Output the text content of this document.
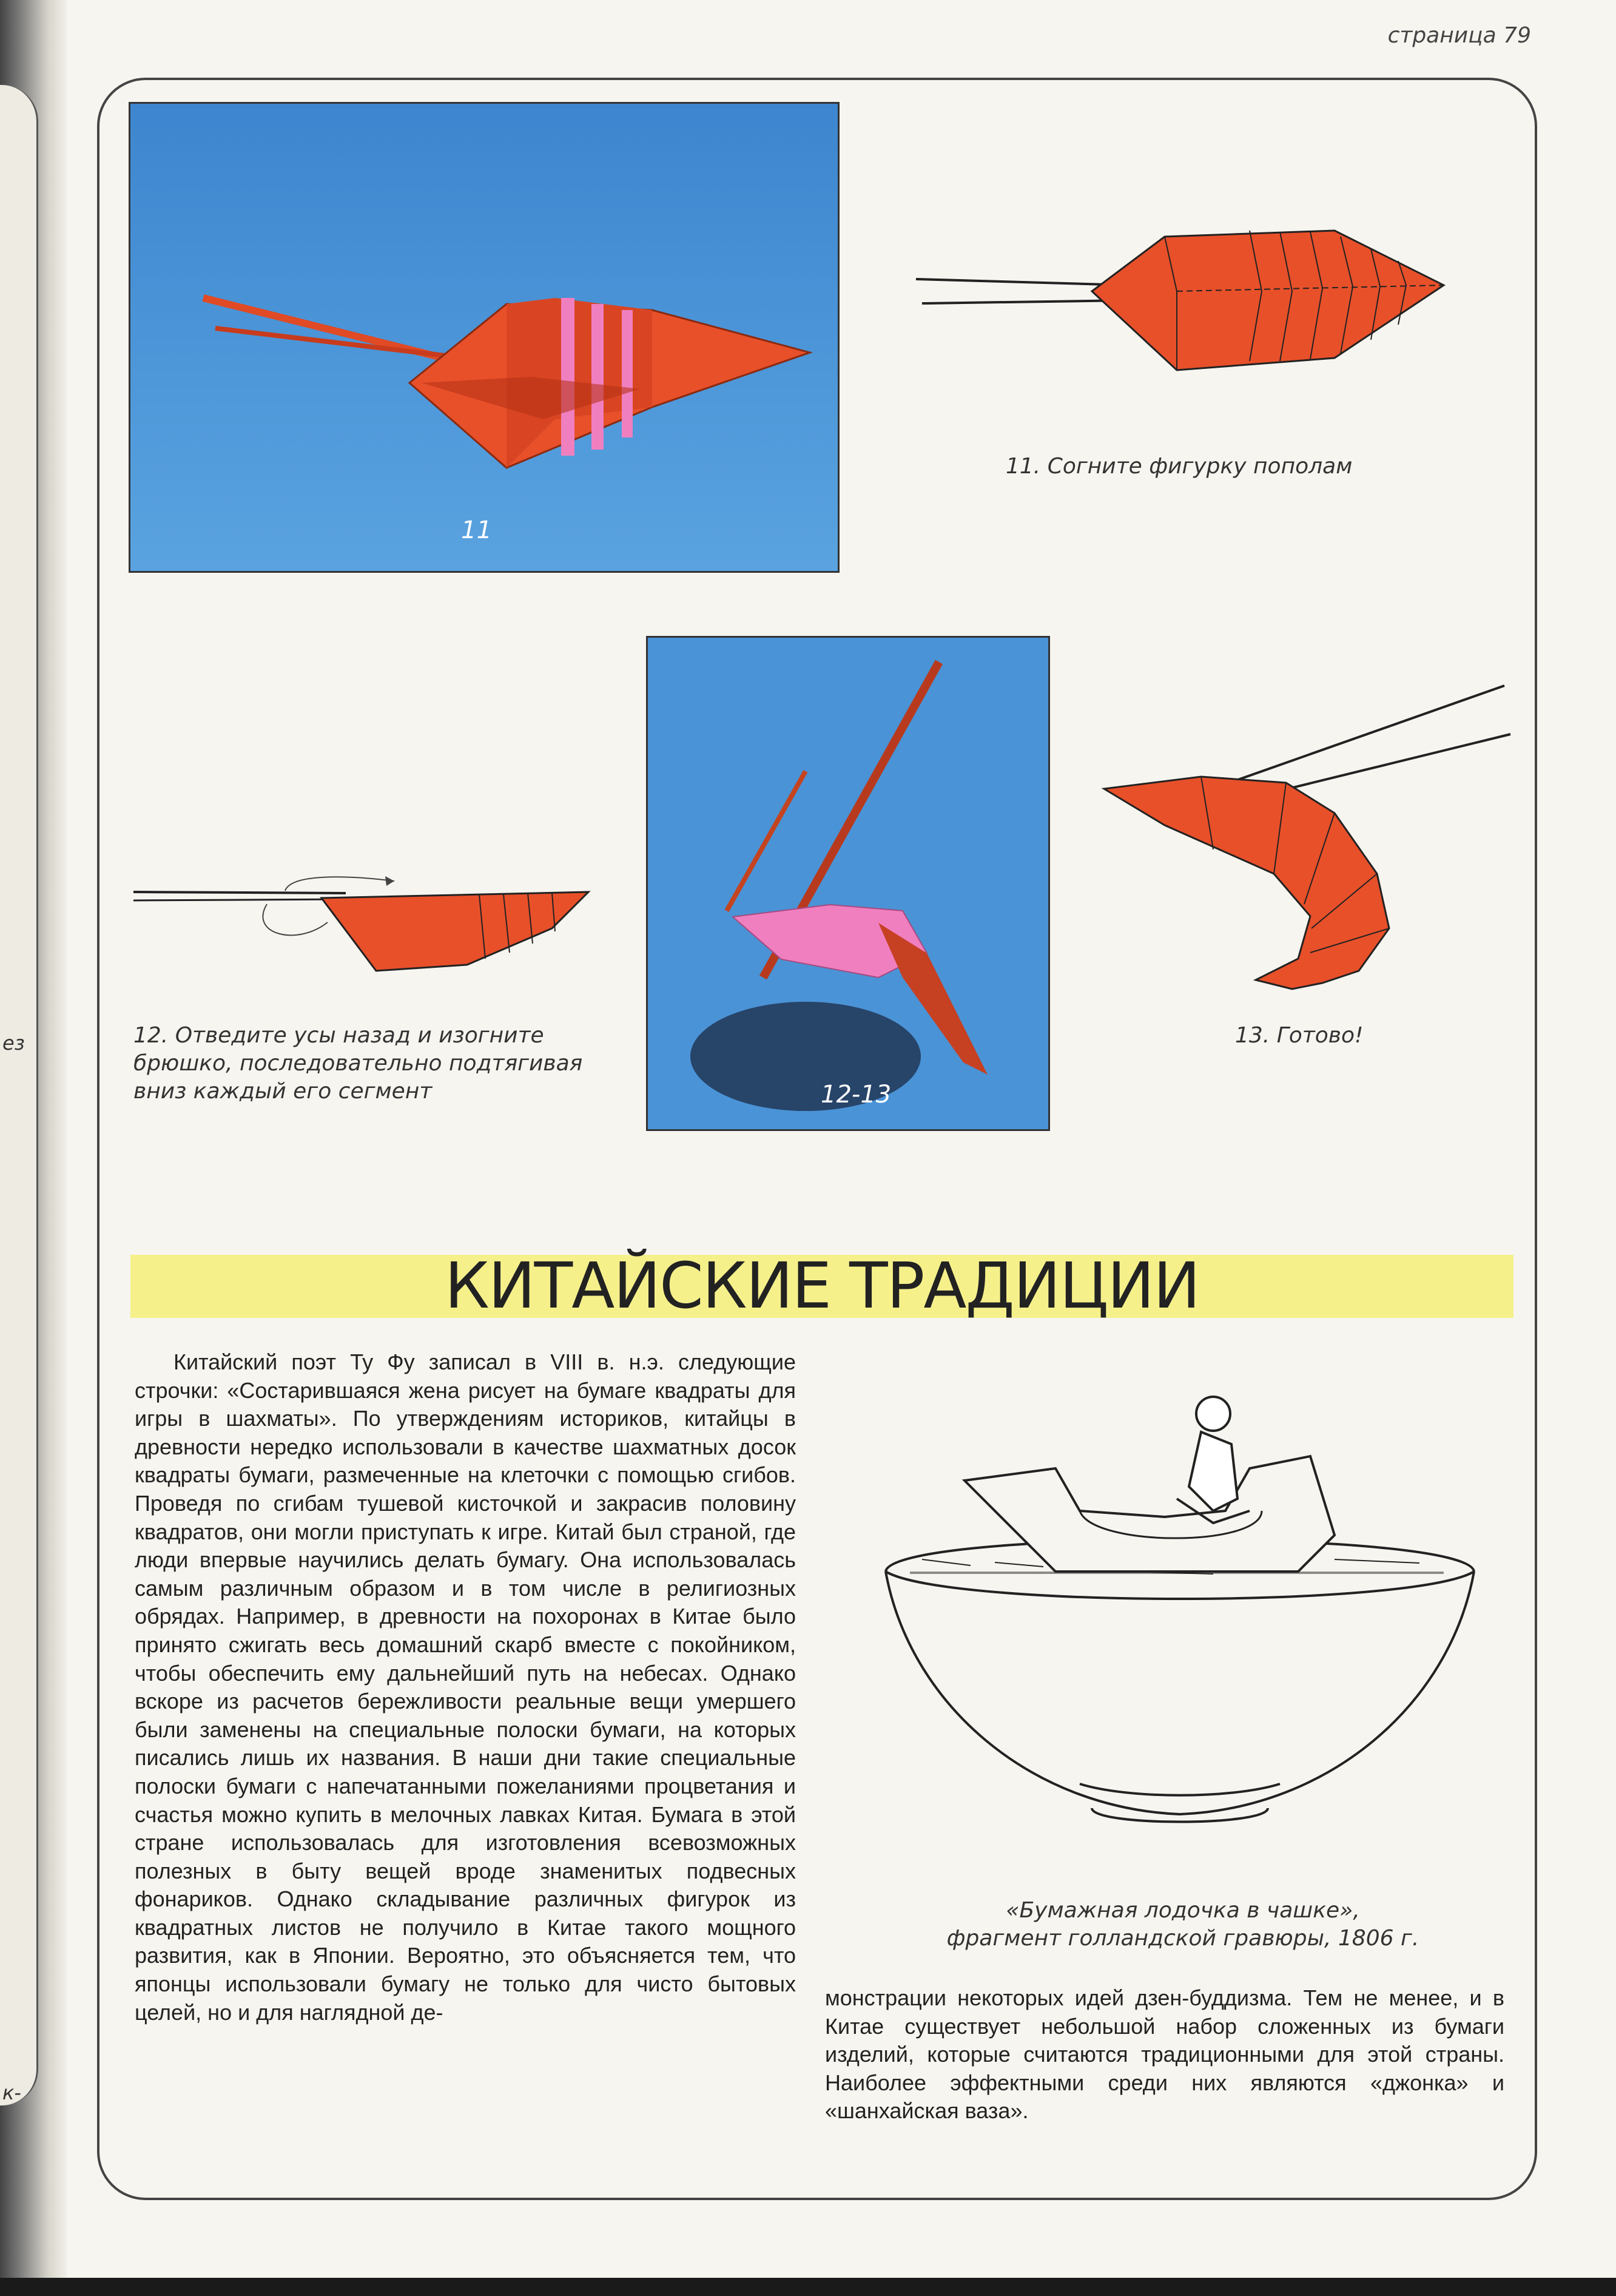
ез
к-
страница 79
11
11. Согните фигурку пополам
12-13
12. Отведите усы назад и изогните брюшко, последовательно подтягивая вниз каждый его сегмент
13. Готово!
КИТАЙСКИЕ ТРАДИЦИИ

Китайский поэт Ту Фу записал в VIII в. н.э. следующие строчки: «Состарившаяся жена рисует на бумаге квадраты для игры в шахматы». По утверждениям историков, китайцы в древности нередко использовали в качестве шахматных досок квадраты бумаги, размеченные на клеточки с помощью сгибов. Проведя по сгибам тушевой кисточкой и закрасив половину квадратов, они могли приступать к игре. Китай был страной, где люди впервые научились делать бумагу. Она использовалась самым различным образом и в том числе в религиозных обрядах. Например, в древности на похоронах в Китае было принято сжигать весь домашний скарб вместе с покойником, чтобы обеспечить ему дальнейший путь на небесах. Однако вскоре из расчетов бережливости реальные вещи умершего были заменены на специальные полоски бумаги, на которых писались лишь их названия. В наши дни такие специальные полоски бумаги с напечатанными пожеланиями процветания и счастья можно купить в мелочных лавках Китая. Бумага в этой стране использовалась для изготовления всевозможных полезных в быту вещей вроде знаменитых подвесных фонариков. Однако складывание различных фигурок из квадратных листов не получило в Китае такого мощного развития, как в Японии. Вероятно, это объясняется тем, что японцы использовали бумагу не только для чисто бытовых целей, но и для наглядной де-

«Бумажная лодочка в чашке»,
фрагмент голландской гравюры, 1806 г.

монстрации некоторых идей дзен-буддизма. Тем не менее, и в Китае существует небольшой набор сложенных из бумаги изделий, которые считаются традиционными для этой страны. Наиболее эффектными среди них являются «джонка» и «шанхайская ваза».
